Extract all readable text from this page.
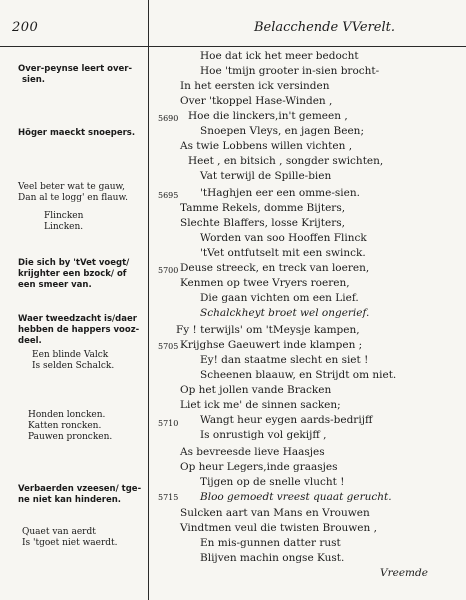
200	Belacchende VVerelt.
Over-peynse leert over-
sien.
Höger maeckt snoepers.
Veel beter wat te gauw,
Dan al te logg' en flauw.
Flincken
Lincken.
Die sich by 'tVet voegt/
krijghter een bzock/ of
een smeer van.
Waer tweedzacht is/daer
hebben de happers vooz-
deel.
Een blinde Valck
Is selden Schalck.
Honden loncken.
Katten roncken.
Pauwen proncken.
Verbaerden vzeesen/ tge-
ne niet kan hinderen.
Quaet van aerdt
Is 'tgoet niet waerdt.
5690
5695
5700
5705
5710
5715
Hoe dat ick het meer bedocht
Hoe 'tmijn grooter in-sien brocht-
In het eersten ick versinden
Over 'tkoppel Hase-Winden ,
Hoe die linckers,in't gemeen ,
Snoepen Vleys, en jagen Been;
As twie Lobbens willen vichten ,
Heet , en bitsich , songder swichten,
Vat terwijl de Spille-bien
'tHaghjen eer een omme-sien.
Tamme Rekels, domme Bijters,
Slechte Blaffers, losse Krijters,
Worden van soo Hooffen Flinck
'tVet ontfutselt mit een swinck.
Deuse streeck, en treck van loeren,
Kenmen op twee Vryers roeren,
Die gaan vichten om een Lief.
Schalckheyt broet wel ongerief.
Fy ! terwijls' om 'tMeysje kampen,
Krijghse Gaeuwert inde klampen ;
Ey! dan staatme slecht en siet !
Scheenen blaauw, en Strijdt om niet.
Op het jollen vande Bracken
Liet ick me' de sinnen sacken;
Wangt heur eygen aards-bedrijff
Is onrustigh vol gekijff ,
As bevreesde lieve Haasjes
Op heur Legers,inde graasjes
Tijgen op de snelle vlucht !
Bloo gemoedt vreest quaat gerucht.
Sulcken aart van Mans en Vrouwen
Vindtmen veul die twisten Brouwen ,
En mis-gunnen datter rust
Blijven machin ongse Kust.
Vreemde
